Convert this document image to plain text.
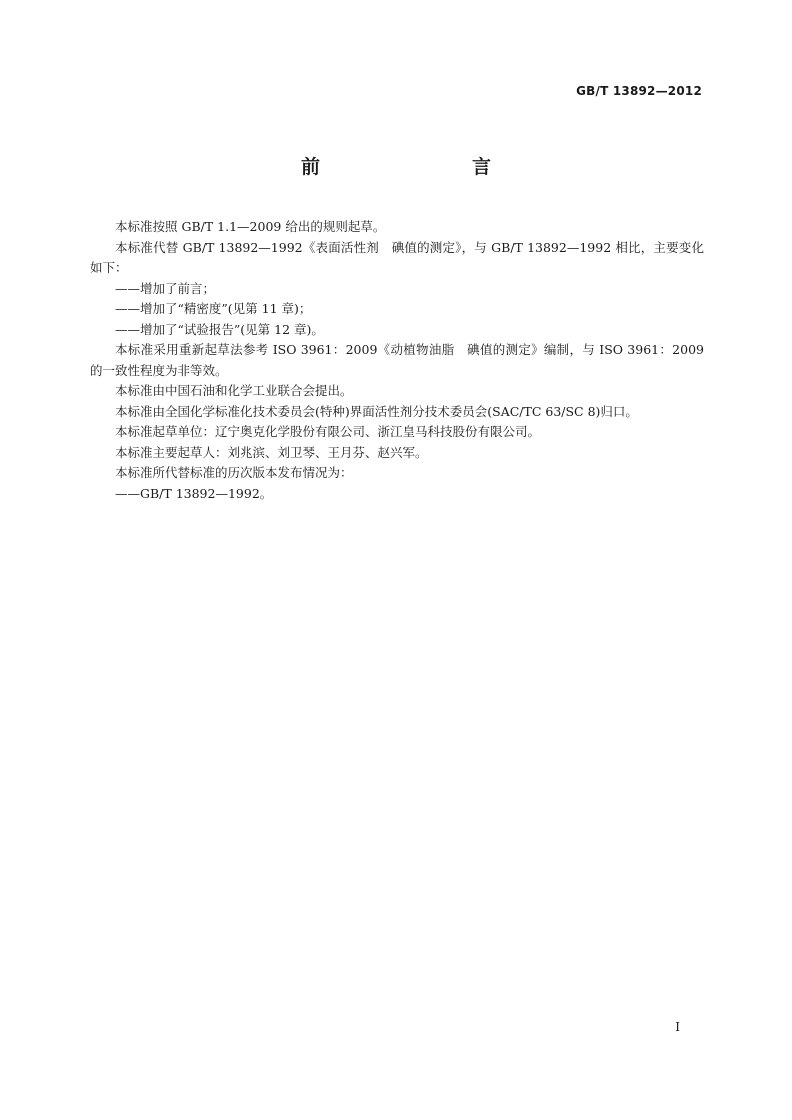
GB/T 13892—2012
前　　言

本标准按照 GB/T 1.1—2009 给出的规则起草。

本标准代替 GB/T 13892—1992《表面活性剂　碘值的测定》，与 GB/T 13892—1992 相比，主要变化如下：

——增加了前言；

——增加了“精密度”(见第 11 章)；

——增加了“试验报告”(见第 12 章)。

本标准采用重新起草法参考 ISO 3961：2009《动植物油脂　碘值的测定》编制，与 ISO 3961：2009 的一致性程度为非等效。

本标准由中国石油和化学工业联合会提出。

本标准由全国化学标准化技术委员会(特种)界面活性剂分技术委员会(SAC/TC 63/SC 8)归口。

本标准起草单位：辽宁奥克化学股份有限公司、浙江皇马科技股份有限公司。

本标准主要起草人：刘兆滨、刘卫琴、王月芬、赵兴军。

本标准所代替标准的历次版本发布情况为：

——GB/T 13892—1992。

I
